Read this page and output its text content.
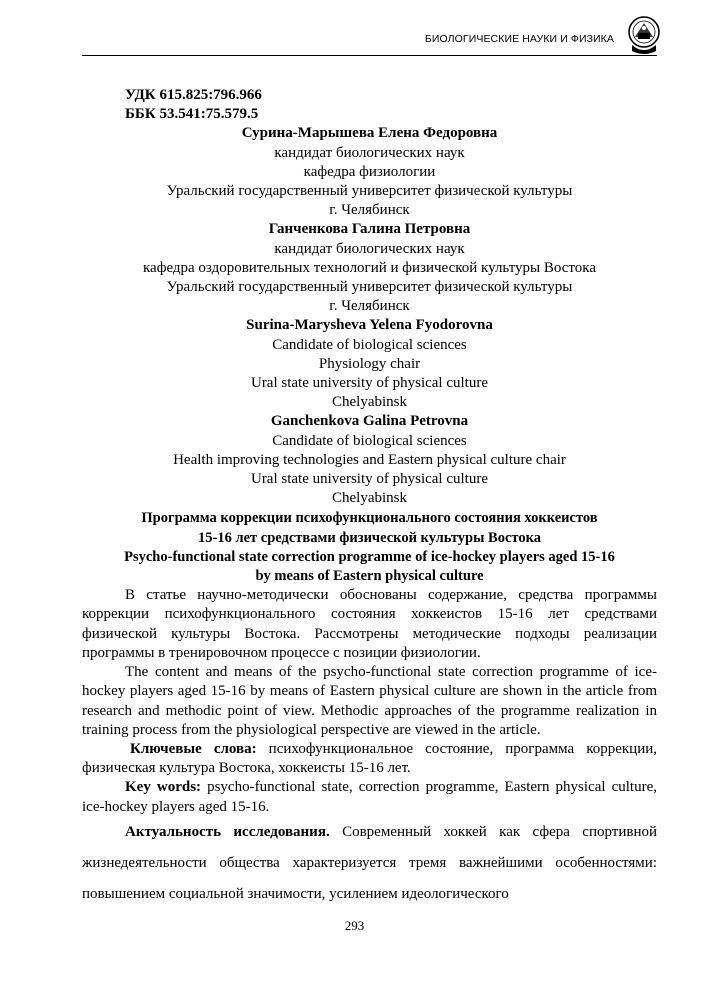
БИОЛОГИЧЕСКИЕ НАУКИ И ФИЗИКА
УДК 615.825:796.966
ББК 53.541:75.579.5
Сурина-Марышева Елена Федоровна
кандидат биологических наук
кафедра физиологии
Уральский государственный университет физической культуры
г. Челябинск
Ганченкова Галина Петровна
кандидат биологических наук
кафедра оздоровительных технологий и физической культуры Востока
Уральский государственный университет физической культуры
г. Челябинск
Surina-Marysheva Yelena Fyodorovna
Candidate of biological sciences
Physiology chair
Ural state university of physical culture
Chelyabinsk
Ganchenkova Galina Petrovna
Candidate of biological sciences
Health improving technologies and Eastern physical culture chair
Ural state university of physical culture
Chelyabinsk
Программа коррекции психофункционального состояния хоккеистов
15-16 лет средствами физической культуры Востока
Psycho-functional state correction programme of ice-hockey players aged 15-16
by means of Eastern physical culture

В статье научно-методически обоснованы содержание, средства программы коррекции психофункционального состояния хоккеистов 15-16 лет средствами физической культуры Востока. Рассмотрены методические подходы реализации программы в тренировочном процессе с позиции физиологии.

The content and means of the psycho-functional state correction programme of ice-hockey players aged 15-16 by means of Eastern physical culture are shown in the article from research and methodic point of view. Methodic approaches of the programme realization in training process from the physiological perspective are viewed in the article.

Ключевые слова: психофункциональное состояние, программа коррекции, физическая культура Востока, хоккеисты 15-16 лет.

Key words: psycho-functional state, correction programme, Eastern physical culture, ice-hockey players aged 15-16.

Актуальность исследования. Современный хоккей как сфера спортивной жизнедеятельности общества характеризуется тремя важнейшими особенностями: повышением социальной значимости, усилением идеологического

293
